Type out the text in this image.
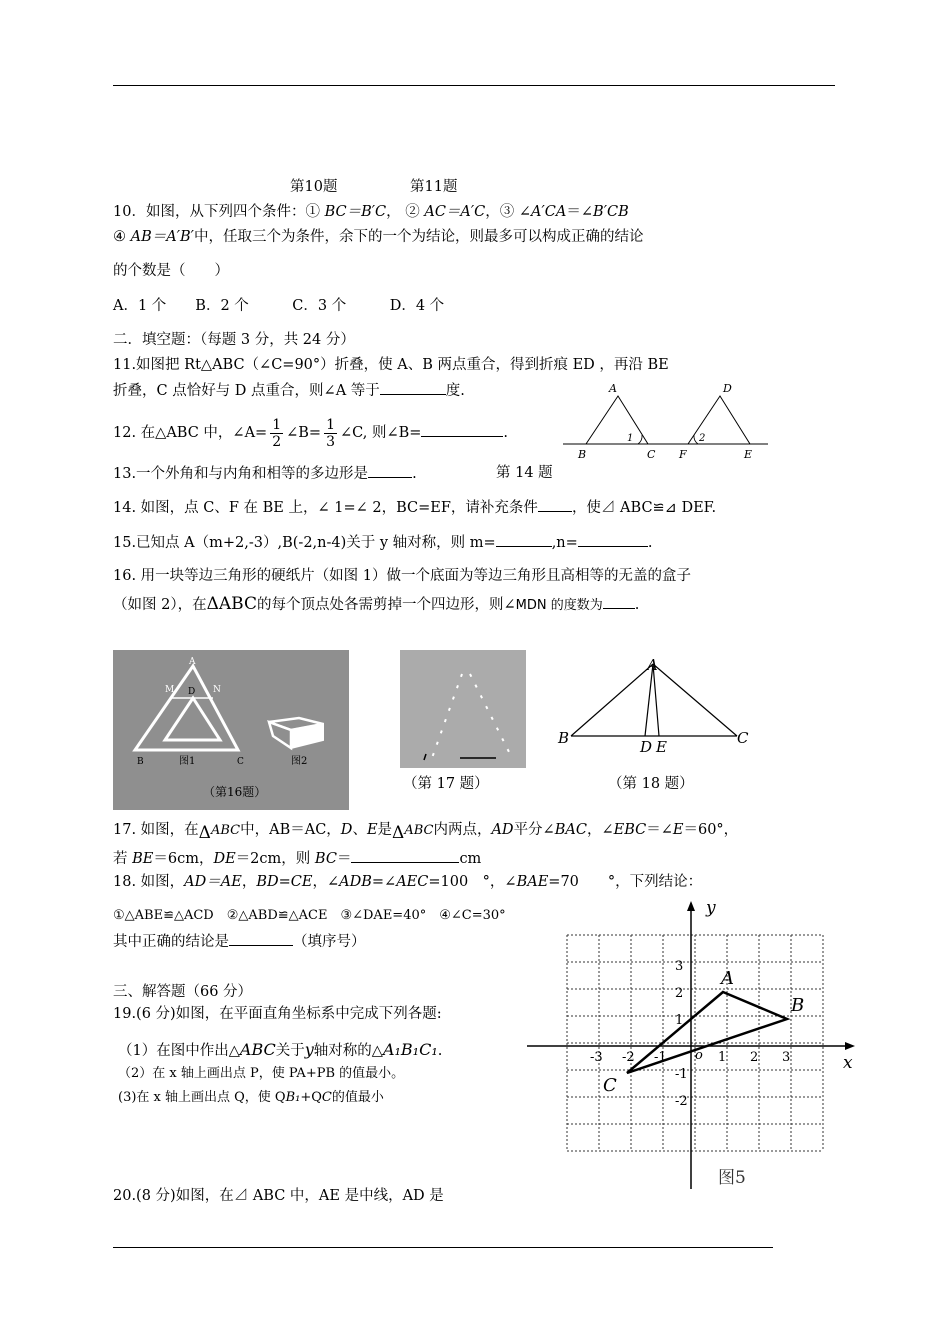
第10题	第11题
10．如图，从下列四个条件：① BC＝B′C， ② AC＝A′C，③ ∠A′CA＝∠B′CB
④ AB＝A′B′中，任取三个为条件，余下的一个为结论，则最多可以构成正确的结论
的个数是（　　）
A．1 个　　B．2 个　　　C．3 个　　　D．4 个
二．填空题：（每题 3 分，共 24 分）
11.如图把 Rt△ABC（∠C=90°）折叠，使 A、B 两点重合，得到折痕 ED ，再沿 BE
折叠，C 点恰好与 D 点重合，则∠A 等于	度.
12. 在△ABC 中，∠A= $\frac{1}{2}$ ∠B= $\frac{1}{3}$ ∠C, 则∠B=	.
A	D
1	2
B	C F	E
13.一个外角和与内角和相等的多边形是	.	第 14 题
14. 如图，点 C、F 在 BE 上，∠ 1=∠ 2，BC=EF，请补充条件 ，使⊿ ABC≌⊿ DEF.
15.已知点 A（m+2,-3）,B(-2,n-4)关于 y 轴对称，则 m=	,n=	.
16. 用一块等边三角形的硬纸片（如图 1）做一个底面为等边三角形且高相等的无盖的盒子
（如图 2），在ΔABC的每个顶点处各需剪掉一个四边形，则∠MDN 的度数为 .
A
M D N
B	C
图1	图2
（第16题）	（第 17 题）
A
B	D E	C
（第 18 题）
17. 如图，在ΔABC中，AB＝AC，D、E是ΔABC内两点，AD平分∠BAC，∠EBC＝∠E＝60°，
若 BE＝6cm，DE＝2cm，则 BC＝	cm
18. 如图，AD＝AE，BD=CE，∠ADB=∠AEC=100　°，∠BAE=70　　°，下列结论：
①△ABE≌△ACD　②△ABD≌△ACE　③∠DAE=40°　④∠C=30°
其中正确的结论是	（填序号）
三、解答题（66 分）
19.(6 分)如图，在平面直角坐标系中完成下列各题:
（1）在图中作出△ABC关于y轴对称的△A₁B₁C₁.
（2）在 x 轴上画出点 P，使 PA+PB 的值最小。
(3)在 x 轴上画出点 Q，使 QB₁+QC的值最小
x
y
o
-3 -2 -1	1 2 3
3
2
1
-1
-2
A
B
C
图5
20.(8 分)如图，在⊿ ABC 中，AE 是中线，AD 是
